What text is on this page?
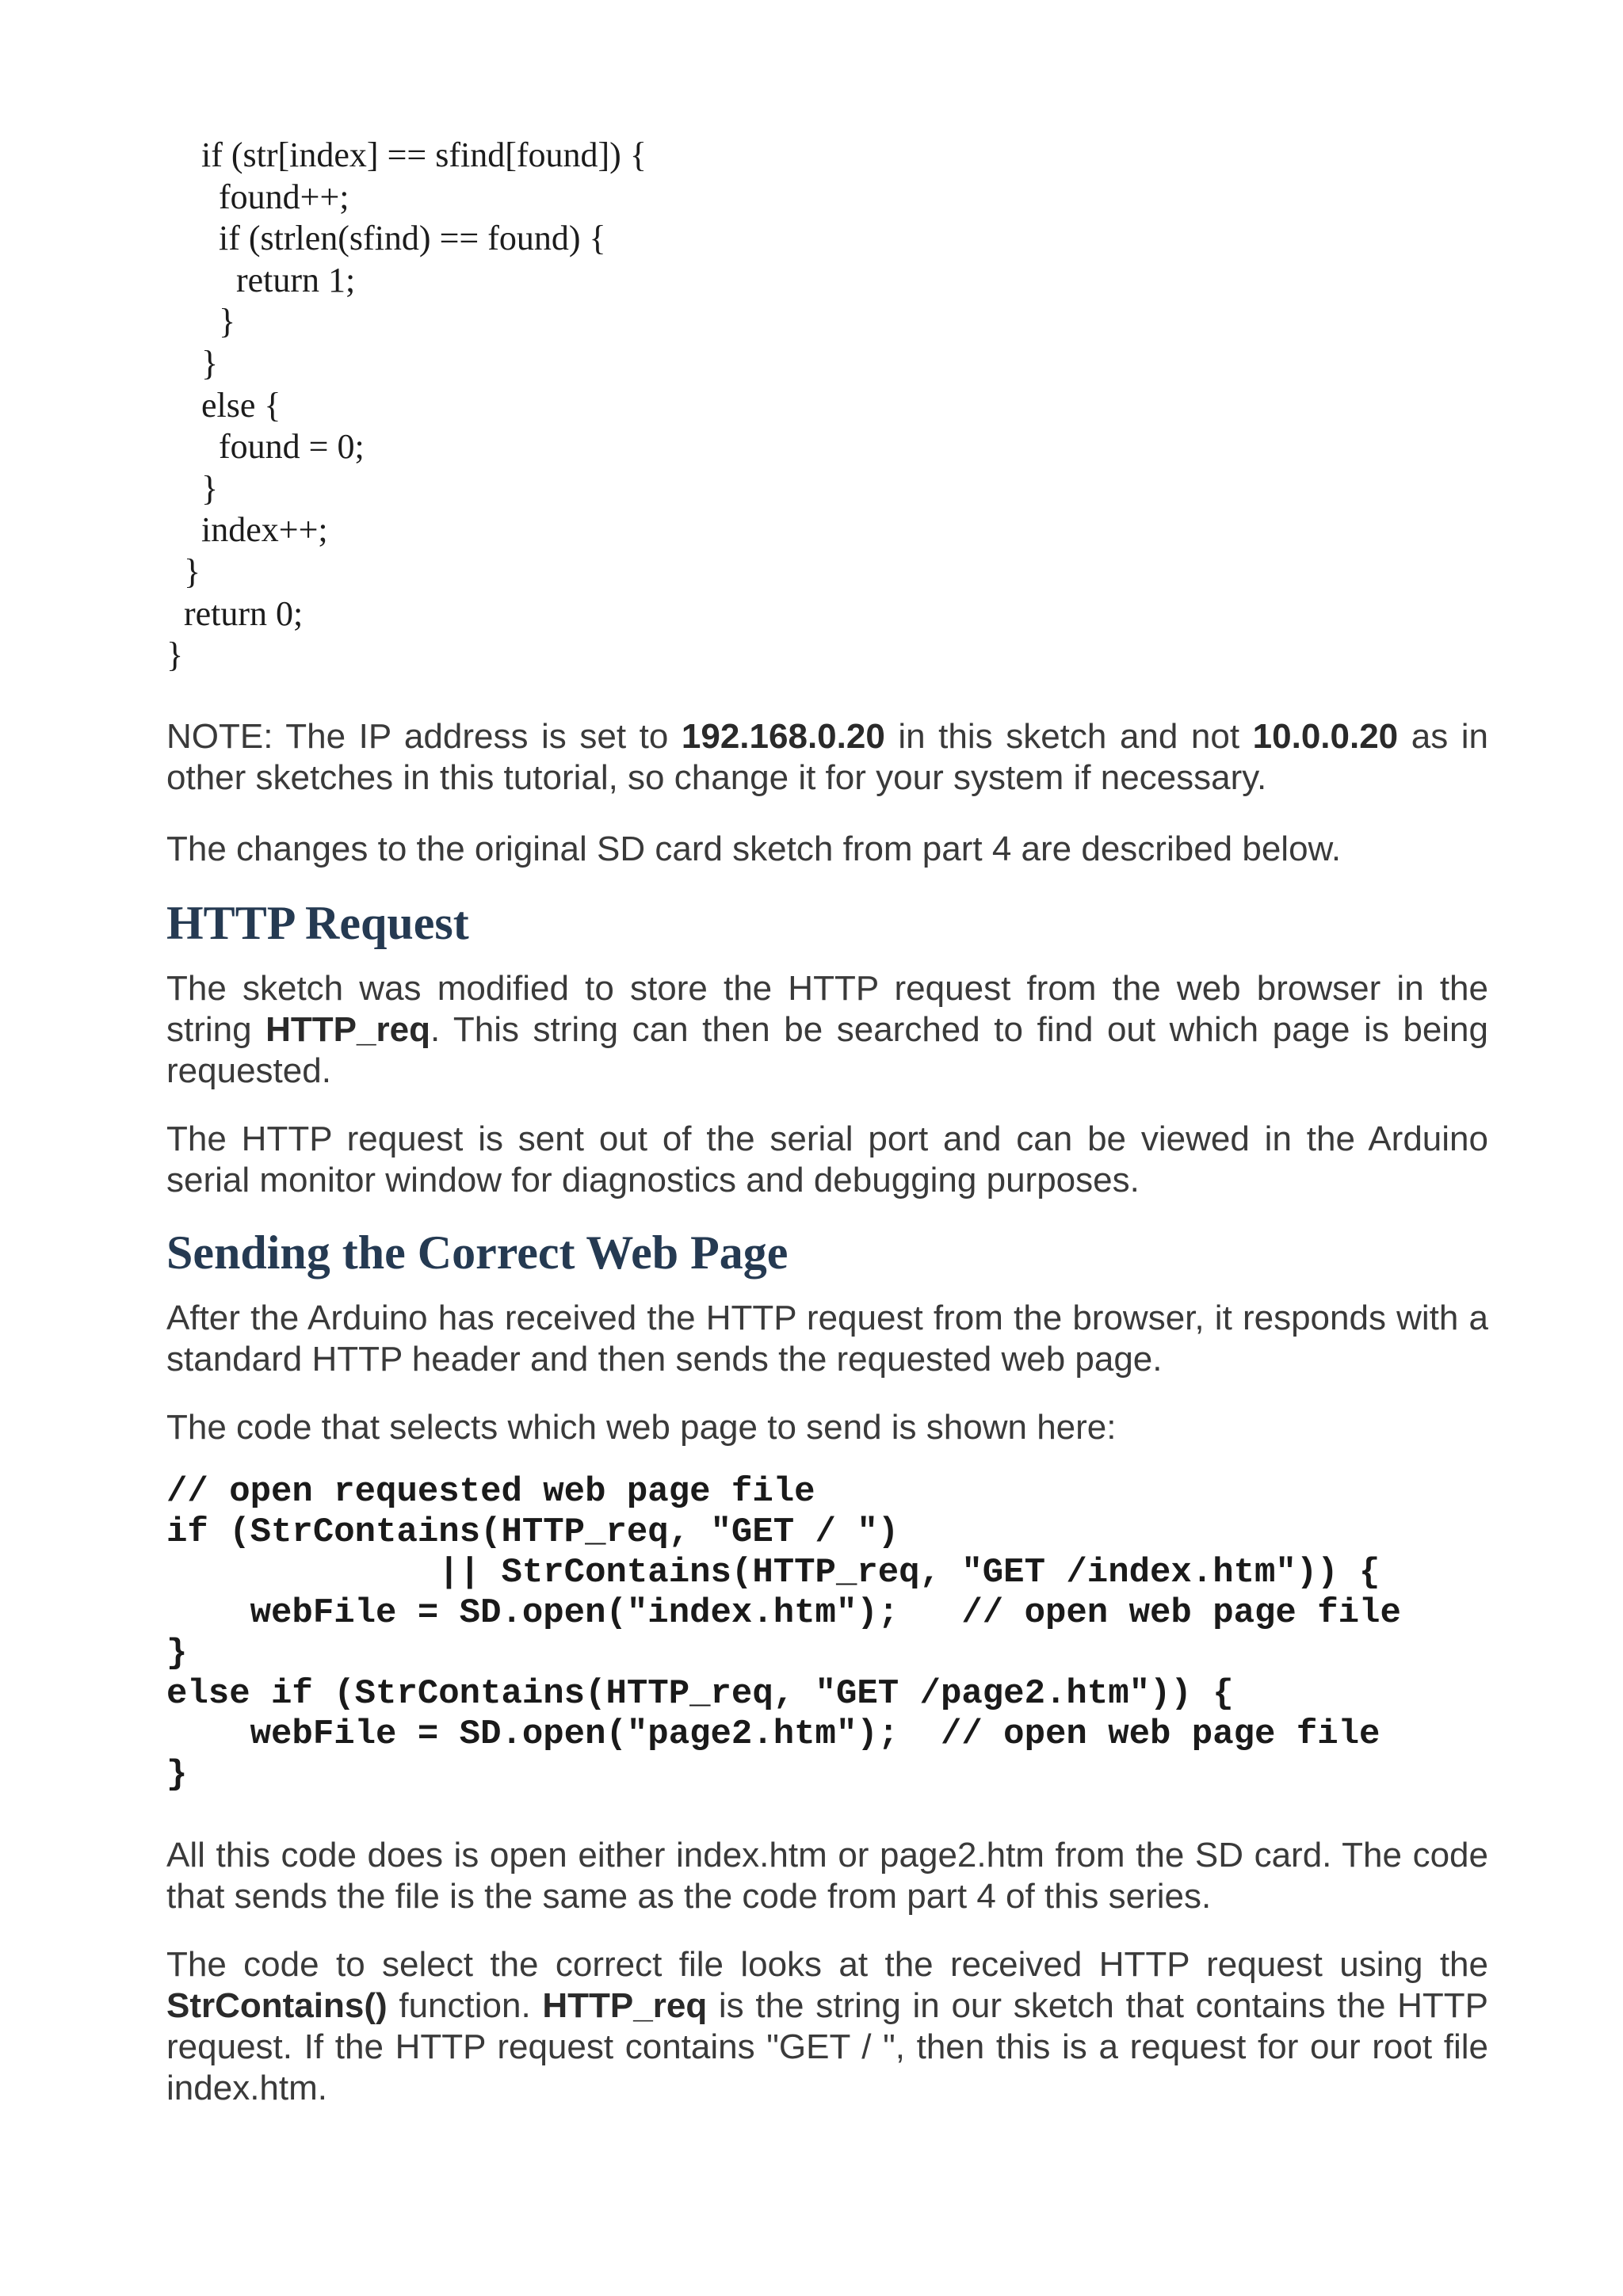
if (str[index] == sfind[found]) {
found++;
if (strlen(sfind) == found) {
return 1;
}
}
else {
found = 0;
}
index++;
}
return 0;
}

NOTE: The IP address is set to 192.168.0.20 in this sketch and not 10.0.0.20 as in other sketches in this tutorial, so change it for your system if necessary.

The changes to the original SD card sketch from part 4 are described below.

HTTP Request

The sketch was modified to store the HTTP request from the web browser in the string HTTP_req. This string can then be searched to find out which page is being requested.

The HTTP request is sent out of the serial port and can be viewed in the Arduino serial monitor window for diagnostics and debugging purposes.

Sending the Correct Web Page

After the Arduino has received the HTTP request from the browser, it responds with a standard HTTP header and then sends the requested web page.

The code that selects which web page to send is shown here:

// open requested web page file
if (StrContains(HTTP_req, "GET / ")
|| StrContains(HTTP_req, "GET /index.htm")) {
webFile = SD.open("index.htm");   // open web page file
}
else if (StrContains(HTTP_req, "GET /page2.htm")) {
webFile = SD.open("page2.htm");  // open web page file
}

All this code does is open either index.htm or page2.htm from the SD card. The code that sends the file is the same as the code from part 4 of this series.

The code to select the correct file looks at the received HTTP request using the StrContains() function. HTTP_req is the string in our sketch that contains the HTTP request. If the HTTP request contains "GET / ", then this is a request for our root file index.htm.
